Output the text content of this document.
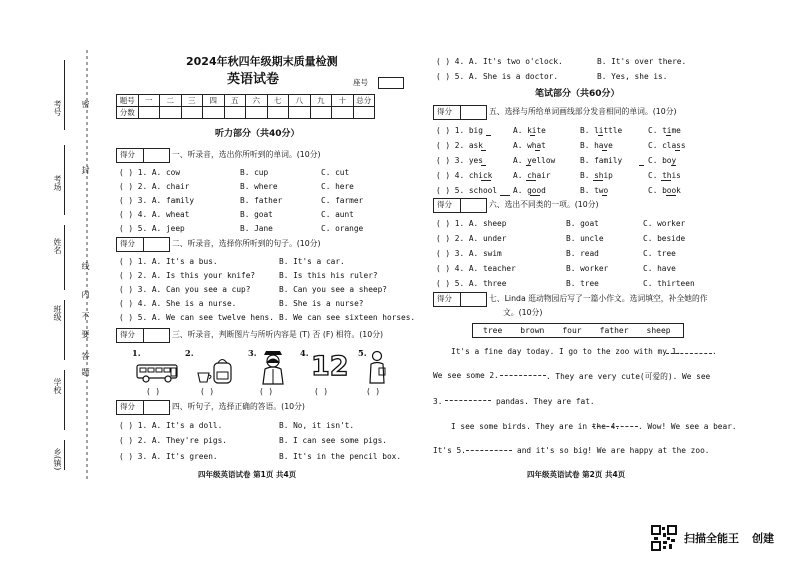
考号
考场
姓名
班级
学校
乡(镇)
密
封
线
内
不
要
答
题
2024年秋四年级期末质量检测
英语试卷	座号
题号	一	二	三	四	五	六	七	八	九	十	总分
分数											
听力部分（共40分）
得分	一、听录音，选出你所听到的单词。(10分)
( ) 1. A. cow	B. cup	C. cut
( ) 2. A. chair	B. where	C. here
( ) 3. A. family	B. father	C. farmer
( ) 4. A. wheat	B. goat	C. aunt
( ) 5. A. jeep	B. Jane	C. orange
得分	二、听录音，选择你所听到的句子。(10分)
( ) 1. A. It's a bus.	B. It's a car.
( ) 2. A. Is this your knife?	B. Is this his ruler?
( ) 3. A. Can you see a cup?	B. Can you see a sheep?
( ) 4. A. She is a nurse.	B. She is a nurse?
( ) 5. A. We can see twelve hens. B. We can see sixteen horses.
得分	三、听录音，判断图片与所听内容是 (T) 否 (F) 相符。(10分)
1.	2.	3.	4.	5.
12
( )	( )	( )	( )	( )
得分	四、听句子，选择正确的答语。(10分)
( ) 1. A. It's a doll.	B. No, it isn't.
( ) 2. A. They're pigs.	B. I can see some pigs.
( ) 3. A. It's green.	B. It's in the pencil box.
四年级英语试卷 第1页 共4页
( ) 4. A. It's two o'clock.	B. It's over there.
( ) 5. A. She is a doctor.	B. Yes, she is.
笔试部分（共60分）
得分	五、选择与所给单词画线部分发音相同的单词。(10分)
( ) 1. big	A. kite	B. little	C. time
( ) 2. ask	A. what	B. have	C. class
( ) 3. yes	A. yellow	B. family	C. boy
( ) 4. chick	A. chair	B. ship	C. this
( ) 5. school A. good	B. two	C. book
得分	六、选出不同类的一项。(10分)
( ) 1. A. sheep	B. goat	C. worker
( ) 2. A. under	B. uncle	C. beside
( ) 3. A. swim	B. read	C. tree
( ) 4. A. teacher	B. worker	C. have
( ) 5. A. three	B. tree	C. thirteen
得分	七、Linda 逛动物园后写了一篇小作文。选词填空，补全她的作
文。(10分)
tree brown four father sheep
It's a fine day today. I go to the zoo with my 1.	.
We see some 2.	. They are very cute(可爱的). We see
3.	pandas. They are fat.
I see some birds. They are in the 4. . Wow! We see a bear.
It's 5.	and it's so big! We are happy at the zoo.
四年级英语试卷 第2页 共4页
扫描全能王 创建
